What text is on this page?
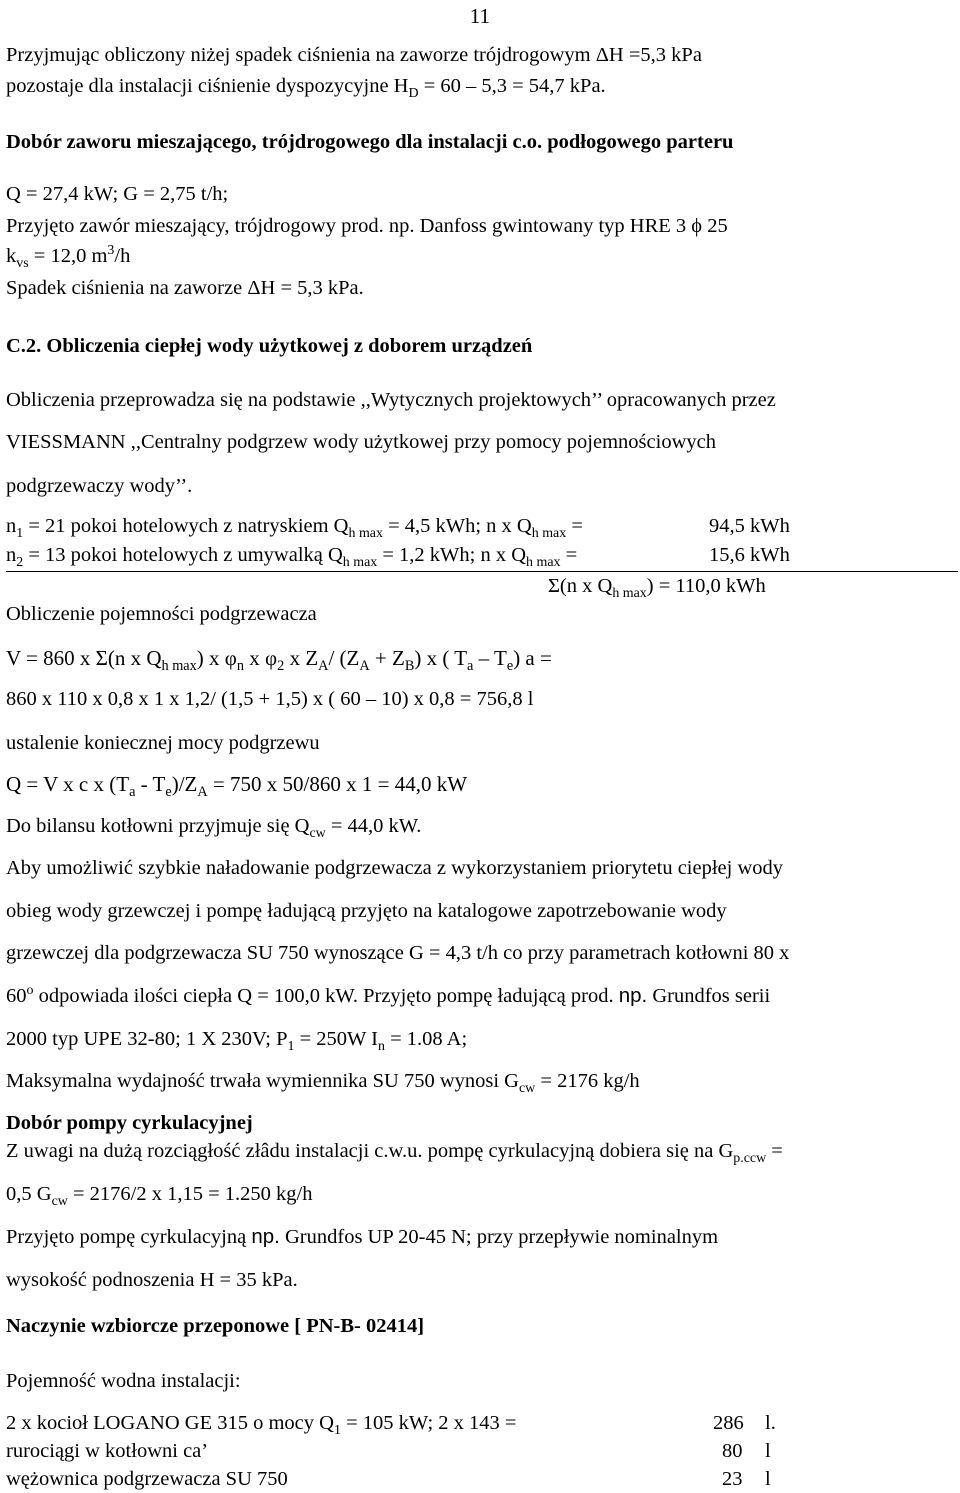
11
Przyjmując obliczony niżej spadek ciśnienia na zaworze trójdrogowym ΔH =5,3 kPa
pozostaje dla instalacji ciśnienie dyspozycyjne $H_D = 60 - 5,3 = 54,7$ kPa.
Dobór zaworu mieszającego, trójdrogowego dla instalacji c.o. podłogowego parteru
Q = 27,4 kW; G = 2,75 t/h;
Przyjęto zawór mieszający, trójdrogowy prod. np. Danfoss gwintowany typ HRE 3 ϕ 25
$k_{vs} = 12,0$ $m^3/h$
Spadek ciśnienia na zaworze ΔH = 5,3 kPa.
C.2. Obliczenia ciepłej wody użytkowej z doborem urządzeń
Obliczenia przeprowadza się na podstawie ,,Wytycznych projektowych’’ opracowanych przez
VIESSMANN ,,Centralny podgrzew wody użytkowej przy pomocy pojemnościowych
podgrzewaczy wody’’.
$n_1 = 21$ pokoi hotelowych z natryskiem $Q_{h max} = 4,5$ kWh; n x $Q_{h max}$ =	94,5 kWh
$n_2 = 13$ pokoi hotelowych z umywalką $Q_{h max} = 1,2$ kWh; n x $Q_{h max}$ =	15,6 kWh
Σ(n x $Q_{h max}) = 110,0$ kWh
Obliczenie pojemności podgrzewacza
V = 860 x Σ(n x $Q_{h max}$) x $\varphi_n$ x $\varphi_2$ x $Z_A/$ $(Z_A + Z_B)$ x ( $T_a - T_e$) a =
860 x 110 x 0,8 x 1 x 1,2/ (1,5 + 1,5) x ( 60 – 10) x 0,8 = 756,8 l
ustalenie koniecznej mocy podgrzewu
Q = V x c x $(T_a - T_e)/Z_A = 750$ x 50/860 x 1 = 44,0 kW
Do bilansu kotłowni przyjmuje się $Q_{cw} = 44,0$ kW.
Aby umożliwić szybkie naładowanie podgrzewacza z wykorzystaniem priorytetu ciepłej wody
obieg wody grzewczej i pompę ładującą przyjęto na katalogowe zapotrzebowanie wody
grzewczej dla podgrzewacza SU 750 wynoszące G = 4,3 t/h co przy parametrach kotłowni 80 x
60$^o$ odpowiada ilości ciepła Q = 100,0 kW. Przyjęto pompę ładującą prod. np. Grundfos serii
2000 typ UPE 32-80; 1 X 230V; $P_1 = 250W$ $I_n = 1.08$ A;
Maksymalna wydajność trwała wymiennika SU 750 wynosi $G_{cw} = 2176$ kg/h
Dobór pompy cyrkulacyjnej
Z uwagi na dużą rozciągłość złâdu instalacji c.w.u. pompę cyrkulacyjną dobiera się na $G_{p.ccw}$ =
0,5 $G_{cw} = 2176/2$ x 1,15 = 1.250 kg/h
Przyjęto pompę cyrkulacyjną np. Grundfos UP 20-45 N; przy przepływie nominalnym
wysokość podnoszenia H = 35 kPa.
Naczynie wzbiorcze przeponowe [ PN-B- 02414]
Pojemność wodna instalacji:
2 x kocioł LOGANO GE 315 o mocy $Q_1 = 105$ kW; 2 x 143 =	286 l.
rurociągi w kotłowni ca’	80 l
wężownica podgrzewacza SU 750	23 l
